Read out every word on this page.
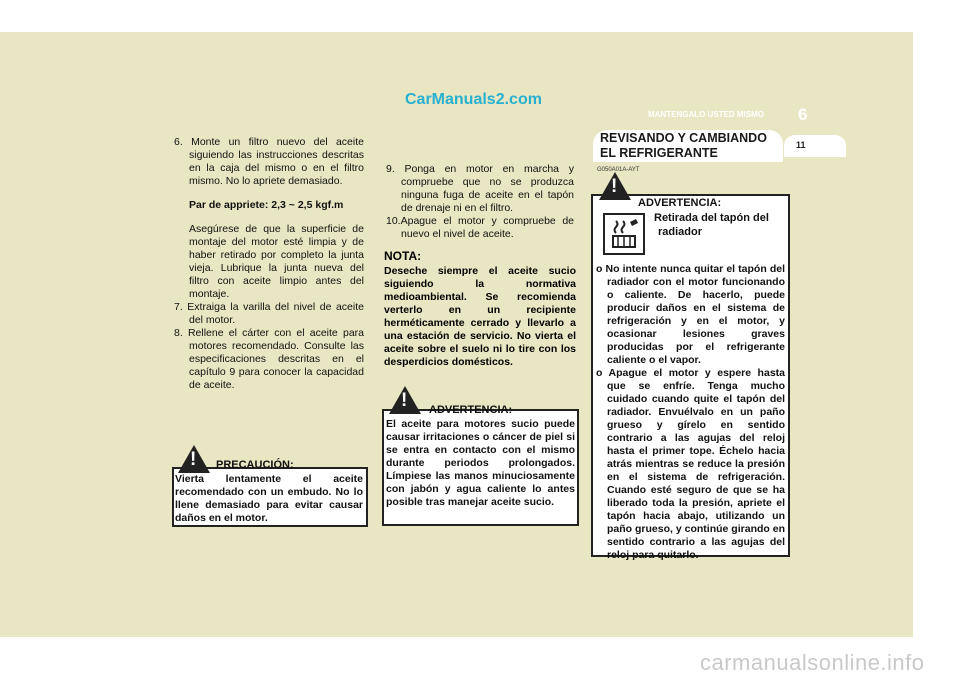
CarManuals2.com
MANTENGALO USTED MISMO 6
REVISANDO Y CAMBIANDO
EL REFRIGERANTE
11
G050A01A-AYT

6. Monte un filtro nuevo del aceite siguiendo las instrucciones descritas en la caja del mismo o en el filtro mismo. No lo apriete demasiado.

Par de appriete: 2,3 ~ 2,5 kgf.m

Asegúrese de que la superficie de montaje del motor esté limpia y de haber retirado por completo la junta vieja. Lubrique la junta nueva del filtro con aceite limpio antes del montaje.

7. Extraiga la varilla del nivel de aceite del motor.

8. Rellene el cárter con el aceite para motores recomendado. Consulte las especificaciones descritas en el capítulo 9 para conocer la capacidad de aceite.

! PRECAUCIÓN:
Vierta lentamente el aceite recomendado con un embudo. No lo llene demasiado para evitar causar daños en el motor.

9. Ponga en motor en marcha y compruebe que no se produzca ninguna fuga de aceite en el tapón de drenaje ni en el filtro.

10.Apague el motor y compruebe de nuevo el nivel de aceite.

NOTA:

Deseche siempre el aceite sucio siguiendo la normativa medioambiental. Se recomienda verterlo en un recipiente herméticamente cerrado y llevarlo a una estación de servicio. No vierta el aceite sobre el suelo ni lo tire con los desperdicios domésticos.

! ADVERTENCIA:
El aceite para motores sucio puede causar irritaciones o cáncer de piel si se entra en contacto con el mismo durante periodos prolongados. Límpiese las manos minuciosamente con jabón y agua caliente lo antes posible tras manejar aceite sucio.
!
ADVERTENCIA:
Retirada del tapón del
radiador

o No intente nunca quitar el tapón del radiador con el motor funcionando o caliente. De hacerlo, puede producir daños en el sistema de refrigeración y en el motor, y ocasionar lesiones graves producidas por el refrigerante caliente o el vapor.

o Apague el motor y espere hasta que se enfríe. Tenga mucho cuidado cuando quite el tapón del radiador. Envuélvalo en un paño grueso y gírelo en sentido contrario a las agujas del reloj hasta el primer tope. Échelo hacia atrás mientras se reduce la presión en el sistema de refrigeración. Cuando esté seguro de que se ha liberado toda la presión, apriete el tapón hacia abajo, utilizando un paño grueso, y continúe girando en sentido contrario a las agujas del reloj para quitarlo.

carmanualsonline.info
